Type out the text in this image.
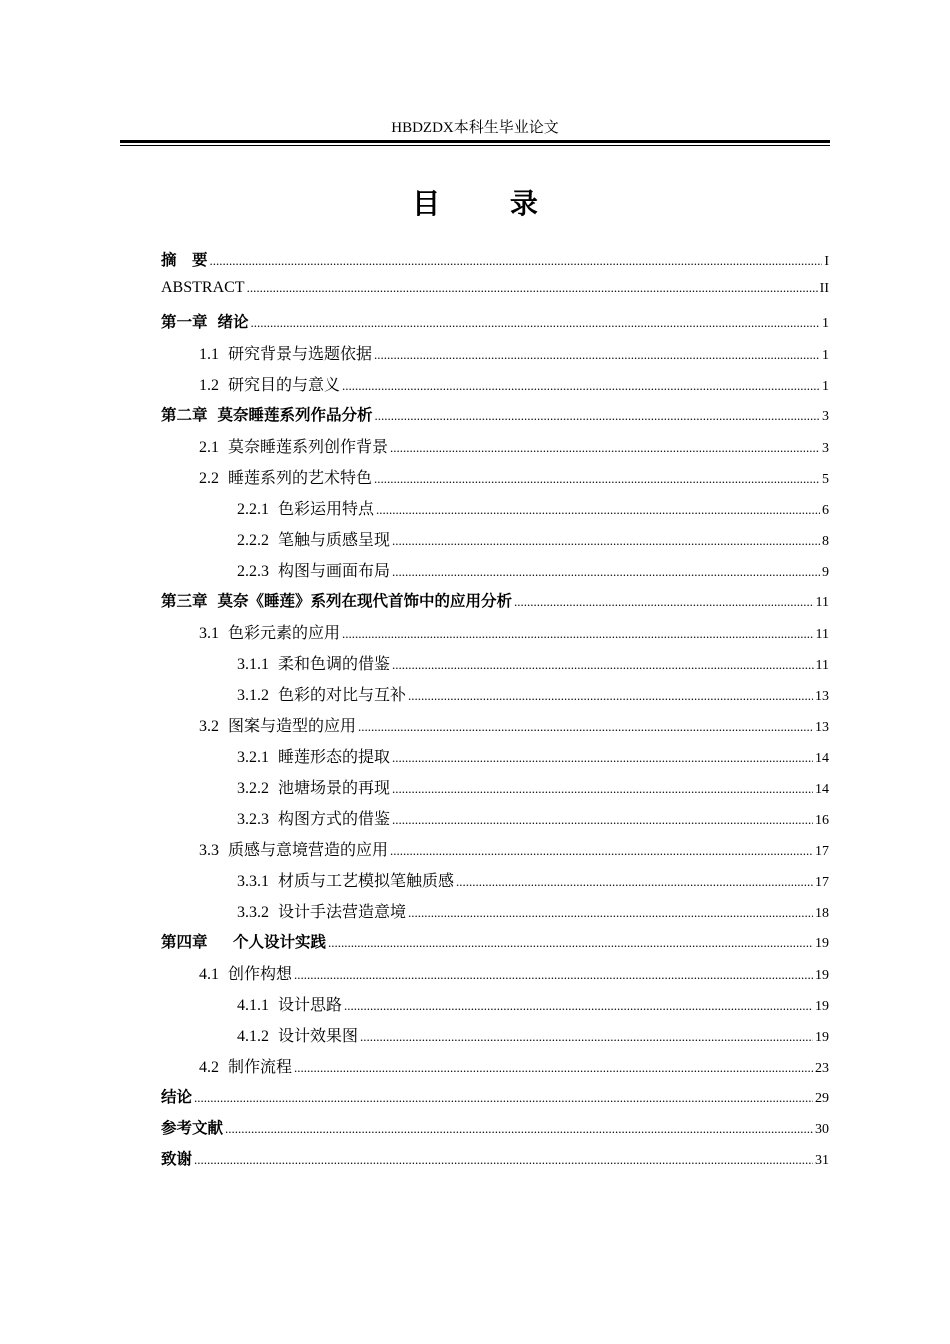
HBDZDX本科生毕业论文
目 录
摘　要 .....	I
ABSTRACT .....	II
第一章 绪论 .....	1
1.1 研究背景与选题依据 .....	1
1.2 研究目的与意义 .....	1
第二章 莫奈睡莲系列作品分析 .....	3
2.1 莫奈睡莲系列创作背景 .....	3
2.2 睡莲系列的艺术特色 .....	5
2.2.1 色彩运用特点 .....	6
2.2.2 笔触与质感呈现 .....	8
2.2.3 构图与画面布局 .....	9
第三章 莫奈《睡莲》系列在现代首饰中的应用分析 .....	11
3.1 色彩元素的应用 .....	11
3.1.1 柔和色调的借鉴 .....	11
3.1.2 色彩的对比与互补 .....	13
3.2 图案与造型的应用 .....	13
3.2.1 睡莲形态的提取 .....	14
3.2.2 池塘场景的再现 .....	14
3.2.3 构图方式的借鉴 .....	16
3.3 质感与意境营造的应用 .....	17
3.3.1 材质与工艺模拟笔触质感 .....	17
3.3.2 设计手法营造意境 .....	18
第四章 　个人设计实践 .....	19
4.1 创作构想 .....	19
4.1.1 设计思路 .....	19
4.1.2 设计效果图 .....	19
4.2 制作流程 .....	23
结论 .....	29
参考文献 .....	30
致谢 .....	31
